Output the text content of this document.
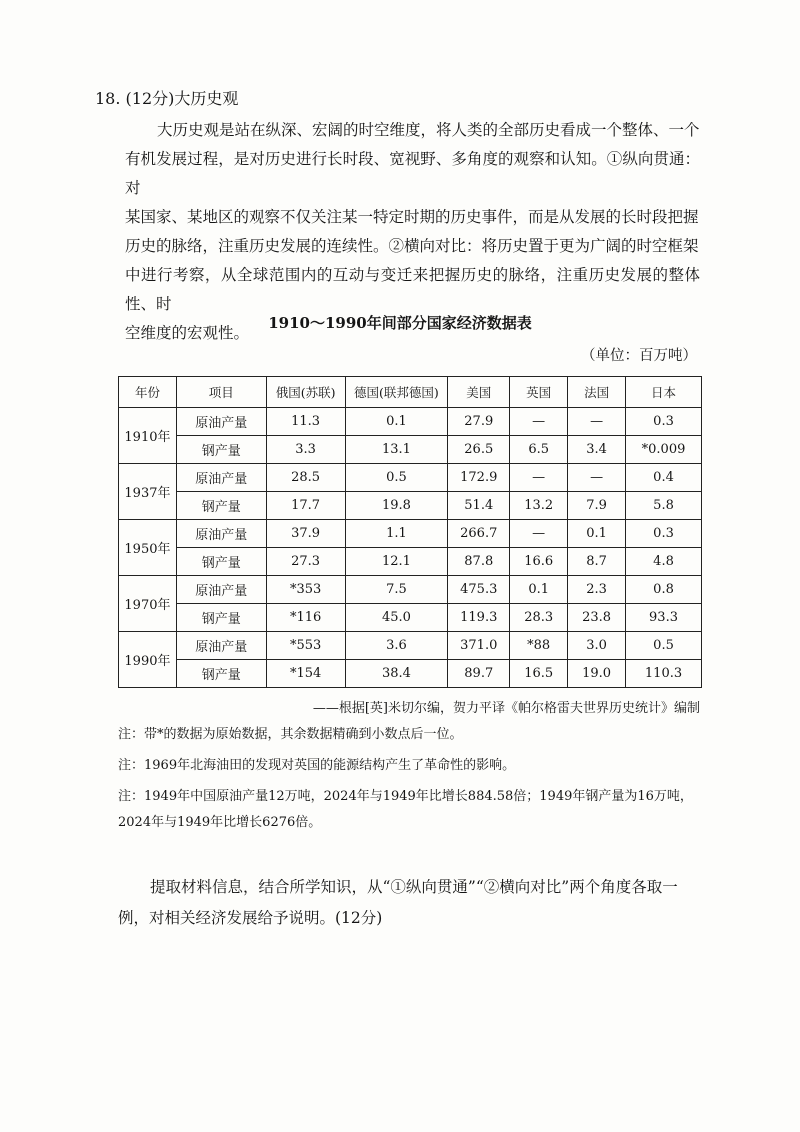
18. (12分)大历史观

大历史观是站在纵深、宏阔的时空维度，将人类的全部历史看成一个整体、一个

有机发展过程，是对历史进行长时段、宽视野、多角度的观察和认知。①纵向贯通：对

某国家、某地区的观察不仅关注某一特定时期的历史事件，而是从发展的长时段把握

历史的脉络，注重历史发展的连续性。②横向对比：将历史置于更为广阔的时空框架

中进行考察，从全球范围内的互动与变迁来把握历史的脉络，注重历史发展的整体性、时

空维度的宏观性。

1910～1990年间部分国家经济数据表
（单位：百万吨）
年份	项目	俄国(苏联)	德国(联邦德国)	美国	英国	法国	日本
1910年	原油产量	11.3	0.1	27.9	—	—	0.3
	钢产量	3.3	13.1	26.5	6.5	3.4	*0.009
1937年	原油产量	28.5	0.5	172.9	—	—	0.4
	钢产量	17.7	19.8	51.4	13.2	7.9	5.8
1950年	原油产量	37.9	1.1	266.7	—	0.1	0.3
	钢产量	27.3	12.1	87.8	16.6	8.7	4.8
1970年	原油产量	*353	7.5	475.3	0.1	2.3	0.8
	钢产量	*116	45.0	119.3	28.3	23.8	93.3
1990年	原油产量	*553	3.6	371.0	*88	3.0	0.5
	钢产量	*154	38.4	89.7	16.5	19.0	110.3
——根据[英]米切尔编，贺力平译《帕尔格雷夫世界历史统计》编制
注：带*的数据为原始数据，其余数据精确到小数点后一位。
注：1969年北海油田的发现对英国的能源结构产生了革命性的影响。
注：1949年中国原油产量12万吨，2024年与1949年比增长884.58倍；1949年钢产量为16万吨，
2024年与1949年比增长6276倍。

提取材料信息，结合所学知识，从“①纵向贯通”“②横向对比”两个角度各取一

例，对相关经济发展给予说明。(12分)
